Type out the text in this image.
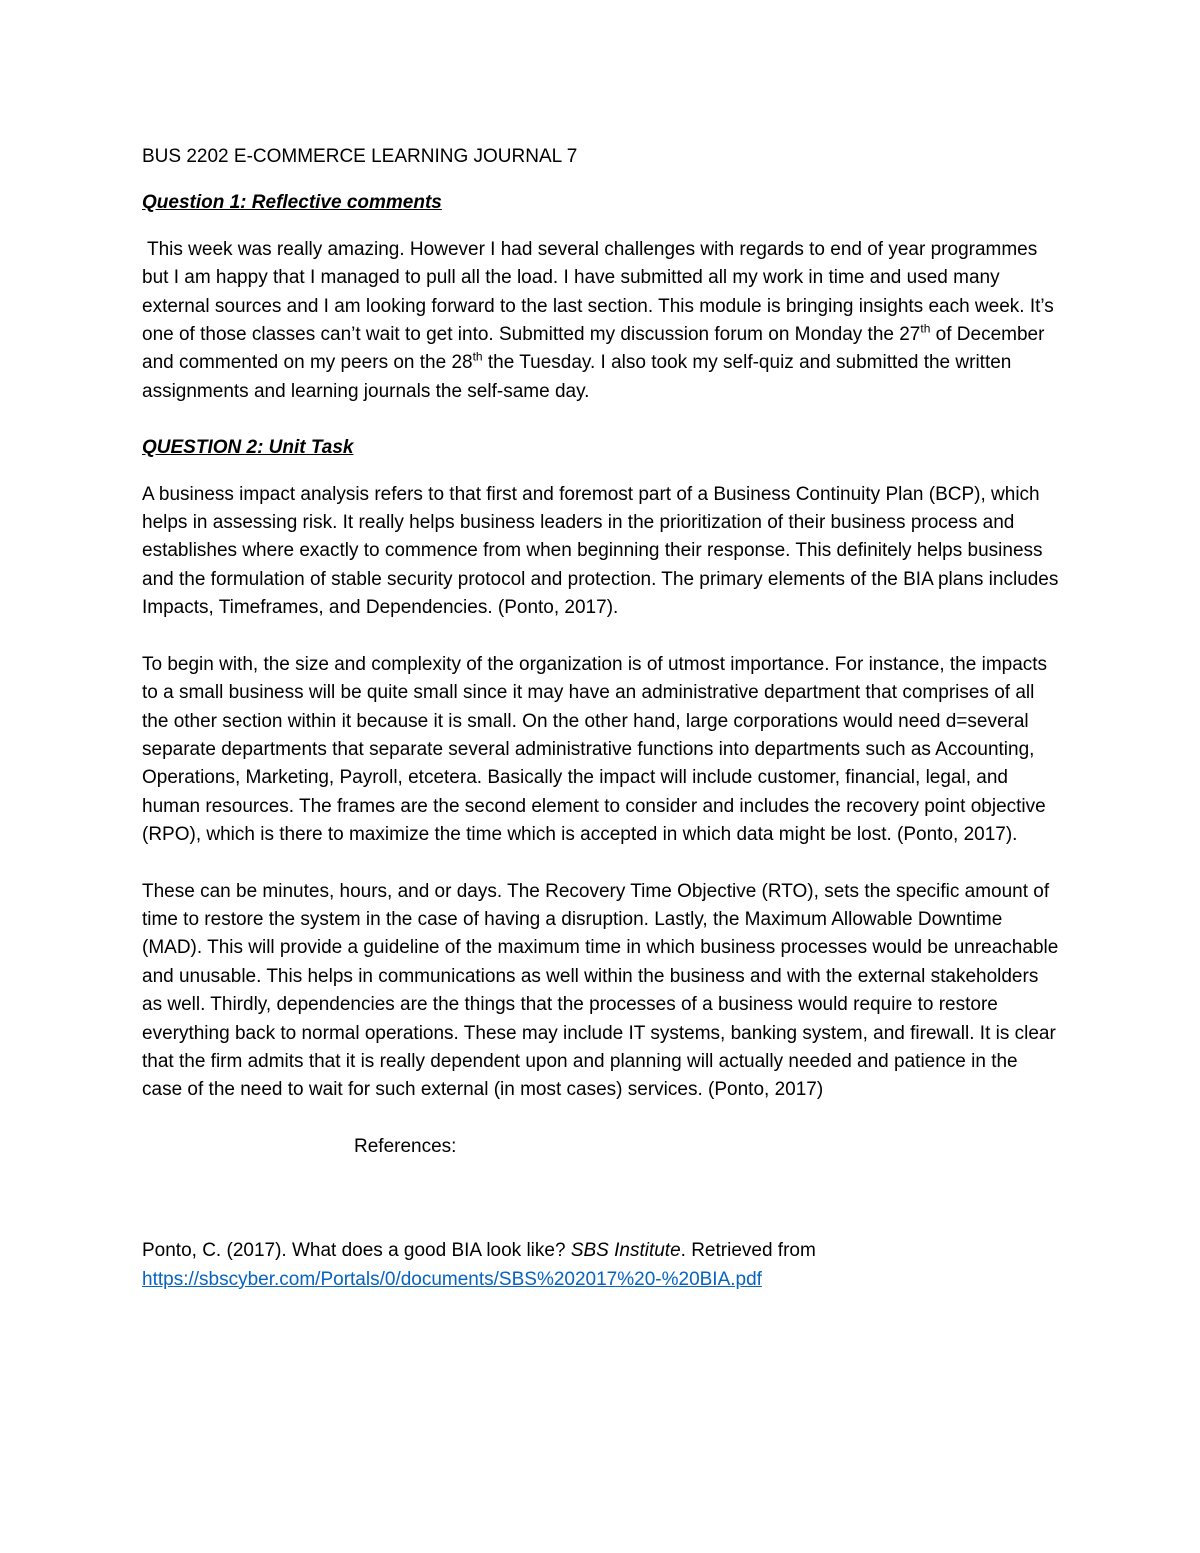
BUS 2202 E-COMMERCE LEARNING JOURNAL 7

Question 1: Reflective comments

This week was really amazing. However I had several challenges with regards to end of year programmes but I am happy that I managed to pull all the load. I have submitted all my work in time and used many external sources and I am looking forward to the last section. This module is bringing insights each week. It’s one of those classes can’t wait to get into. Submitted my discussion forum on Monday the 27th of December and commented on my peers on the 28th the Tuesday. I also took my self-quiz and submitted the written assignments and learning journals the self-same day.

QUESTION 2: Unit Task

A business impact analysis refers to that first and foremost part of a Business Continuity Plan (BCP), which helps in assessing risk. It really helps business leaders in the prioritization of their business process and establishes where exactly to commence from when beginning their response. This definitely helps business and the formulation of stable security protocol and protection. The primary elements of the BIA plans includes Impacts, Timeframes, and Dependencies. (Ponto, 2017).

To begin with, the size and complexity of the organization is of utmost importance. For instance, the impacts to a small business will be quite small since it may have an administrative department that comprises of all the other section within it because it is small. On the other hand, large corporations would need d=several separate departments that separate several administrative functions into departments such as Accounting, Operations, Marketing, Payroll, etcetera. Basically the impact will include customer, financial, legal, and human resources. The frames are the second element to consider and includes the recovery point objective (RPO), which is there to maximize the time which is accepted in which data might be lost. (Ponto, 2017).

These can be minutes, hours, and or days. The Recovery Time Objective (RTO), sets the specific amount of time to restore the system in the case of having a disruption. Lastly, the Maximum Allowable Downtime (MAD). This will provide a guideline of the maximum time in which business processes would be unreachable and unusable. This helps in communications as well within the business and with the external stakeholders as well. Thirdly, dependencies are the things that the processes of a business would require to restore everything back to normal operations. These may include IT systems, banking system, and firewall. It is clear that the firm admits that it is really dependent upon and planning will actually needed and patience in the case of the need to wait for such external (in most cases) services. (Ponto, 2017)

References:

Ponto, C. (2017). What does a good BIA look like? SBS Institute. Retrieved from
https://sbscyber.com/Portals/0/documents/SBS%202017%20-%20BIA.pdf
